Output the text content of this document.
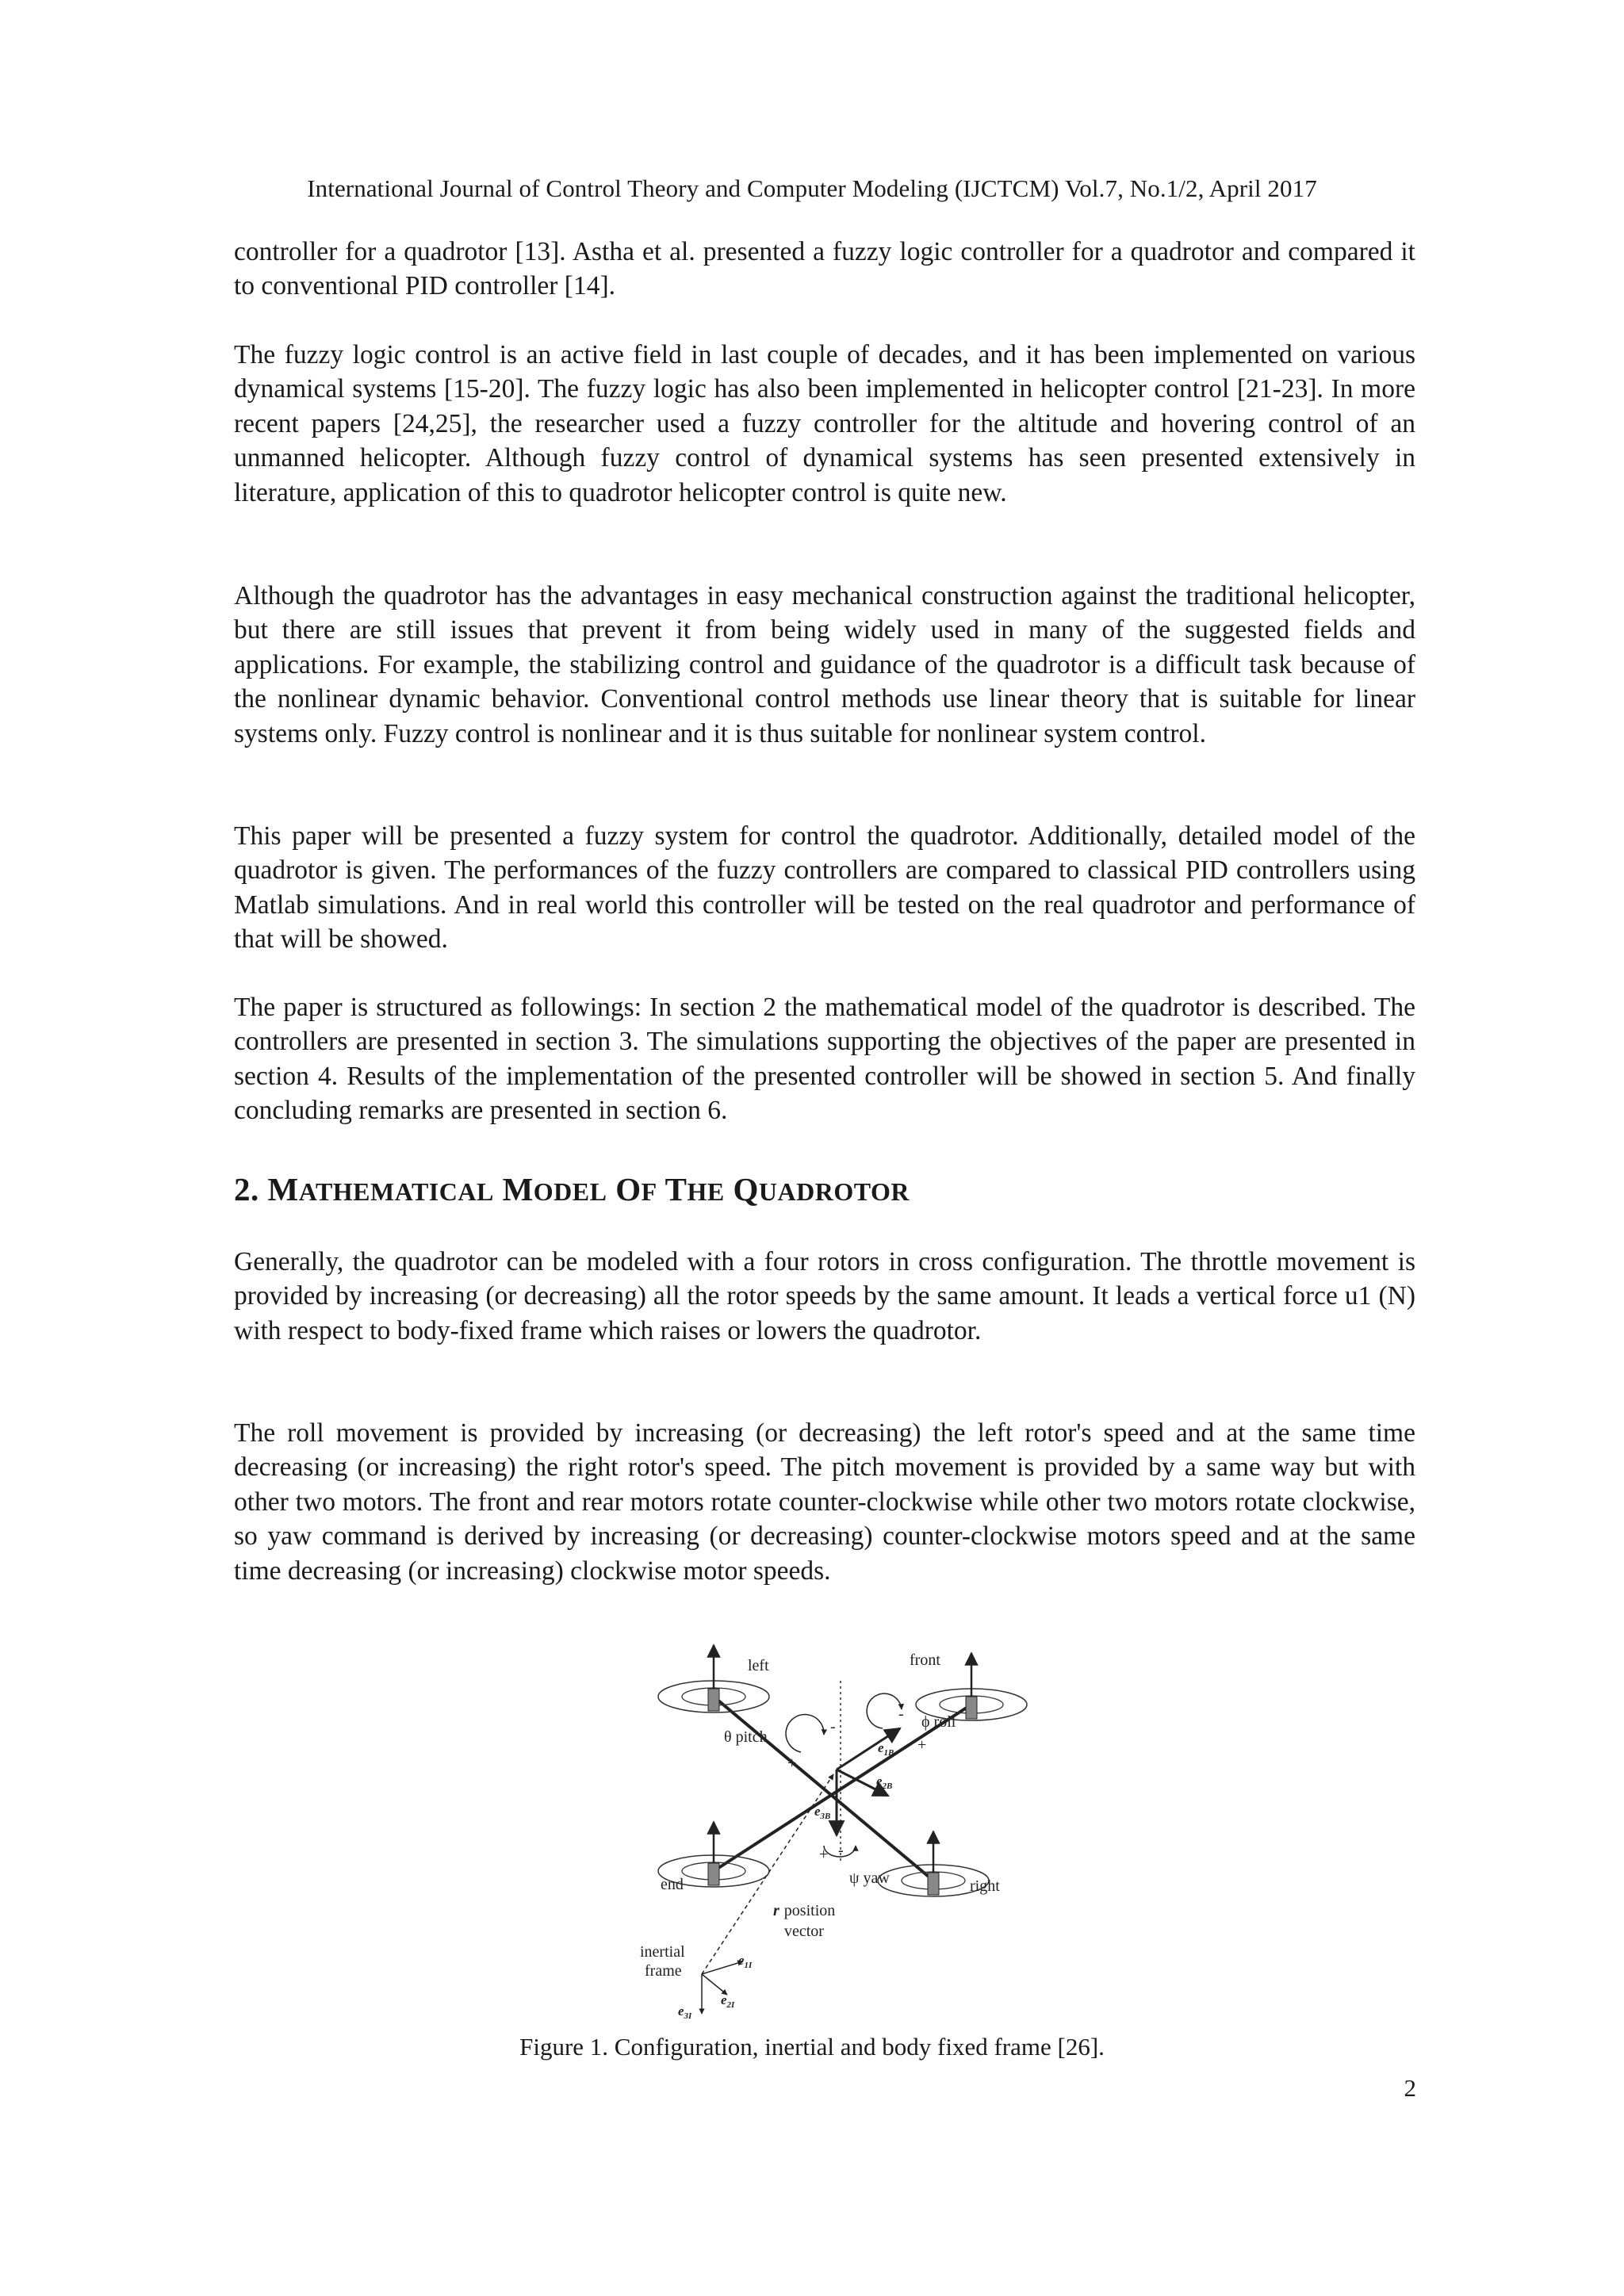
International Journal of Control Theory and Computer Modeling (IJCTCM) Vol.7, No.1/2, April 2017

controller for a quadrotor [13]. Astha et al. presented a fuzzy logic controller for a quadrotor and compared it to conventional PID controller [14].

The fuzzy logic control is an active field in last couple of decades, and it has been implemented on various dynamical systems [15-20]. The fuzzy logic has also been implemented in helicopter control [21-23]. In more recent papers [24,25], the researcher used a fuzzy controller for the altitude and hovering control of an unmanned helicopter. Although fuzzy control of dynamical systems has seen presented extensively in literature, application of this to quadrotor helicopter control is quite new.

Although the quadrotor has the advantages in easy mechanical construction against the traditional helicopter, but there are still issues that prevent it from being widely used in many of the suggested fields and applications. For example, the stabilizing control and guidance of the quadrotor is a difficult task because of the nonlinear dynamic behavior. Conventional control methods use linear theory that is suitable for linear systems only. Fuzzy control is nonlinear and it is thus suitable for nonlinear system control.

This paper will be presented a fuzzy system for control the quadrotor. Additionally, detailed model of the quadrotor is given. The performances of the fuzzy controllers are compared to classical PID controllers using Matlab simulations. And in real world this controller will be tested on the real quadrotor and performance of that will be showed.

The paper is structured as followings: In section 2 the mathematical model of the quadrotor is described. The controllers are presented in section 3. The simulations supporting the objectives of the paper are presented in section 4. Results of the implementation of the presented controller will be showed in section 5. And finally concluding remarks are presented in section 6.

2. MATHEMATICAL MODEL OF THE QUADROTOR

Generally, the quadrotor can be modeled with a four rotors in cross configuration. The throttle movement is provided by increasing (or decreasing) all the rotor speeds by the same amount. It leads a vertical force u1 (N) with respect to body-fixed frame which raises or lowers the quadrotor.

The roll movement is provided by increasing (or decreasing) the left rotor's speed and at the same time decreasing (or increasing) the right rotor's speed. The pitch movement is provided by a same way but with other two motors. The front and rear motors rotate counter-clockwise while other two motors rotate clockwise, so yaw command is derived by increasing (or decreasing) counter-clockwise motors speed and at the same time decreasing (or increasing) clockwise motor speeds.

left	front
end	right
θ pitch
ϕ roll
ψ yaw
-
+
-
+
+ -
$e_{1B}$
$e_{2B}$
$e_{3B}$
r position
vector
inertial
frame
$e_{1I}$
$e_{2I}$
$e_{3I}$
Figure 1. Configuration, inertial and body fixed frame [26].
2
